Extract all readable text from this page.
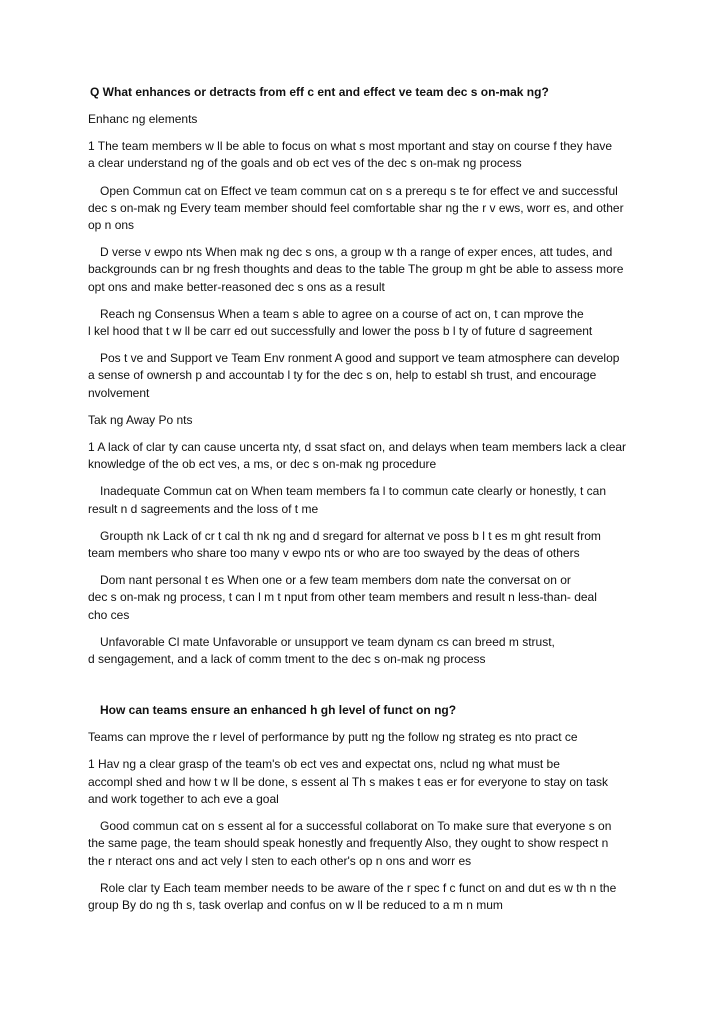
Q What enhances or detracts from eff c ent and effect ve team dec s on-mak ng?
Enhanc ng elements
1 The team members w ll be able to focus on what s most mportant and stay on course f they have
a clear understand ng of the goals and ob ect ves of the dec s on-mak ng process
Open Commun cat on Effect ve team commun cat on s a prerequ s te for effect ve and successful
dec s on-mak ng Every team member should feel comfortable shar ng the r v ews, worr es, and other
op n ons
D verse v ewpo nts When mak ng dec s ons, a group w th a range of exper ences, att tudes, and
backgrounds can br ng fresh thoughts and deas to the table The group m ght be able to assess more
opt ons and make better-reasoned dec s ons as a result
Reach ng Consensus When a team s able to agree on a course of act on, t can mprove the
l kel hood that t w ll be carr ed out successfully and lower the poss b l ty of future d sagreement
Pos t ve and Support ve Team Env ronment A good and support ve team atmosphere can develop
a sense of ownersh p and accountab l ty for the dec s on, help to establ sh trust, and encourage
nvolvement
Tak ng Away Po nts
1 A lack of clar ty can cause uncerta nty, d ssat sfact on, and delays when team members lack a clear
knowledge of the ob ect ves, a ms, or dec s on-mak ng procedure
Inadequate Commun cat on When team members fa l to commun cate clearly or honestly, t can
result n d sagreements and the loss of t me
Groupth nk Lack of cr t cal th nk ng and d sregard for alternat ve poss b l t es m ght result from
team members who share too many v ewpo nts or who are too swayed by the deas of others
Dom nant personal t es When one or a few team members dom nate the conversat on or
dec s on-mak ng process, t can l m t nput from other team members and result n less-than- deal
cho ces
Unfavorable Cl mate Unfavorable or unsupport ve team dynam cs can breed m strust,
d sengagement, and a lack of comm tment to the dec s on-mak ng process
How can teams ensure an enhanced h gh level of funct on ng?
Teams can mprove the r level of performance by putt ng the follow ng strateg es nto pract ce
1 Hav ng a clear grasp of the team's ob ect ves and expectat ons, nclud ng what must be
accompl shed and how t w ll be done, s essent al Th s makes t eas er for everyone to stay on task
and work together to ach eve a goal
Good commun cat on s essent al for a successful collaborat on To make sure that everyone s on
the same page, the team should speak honestly and frequently Also, they ought to show respect n
the r nteract ons and act vely l sten to each other's op n ons and worr es
Role clar ty Each team member needs to be aware of the r spec f c funct on and dut es w th n the
group By do ng th s, task overlap and confus on w ll be reduced to a m n mum
